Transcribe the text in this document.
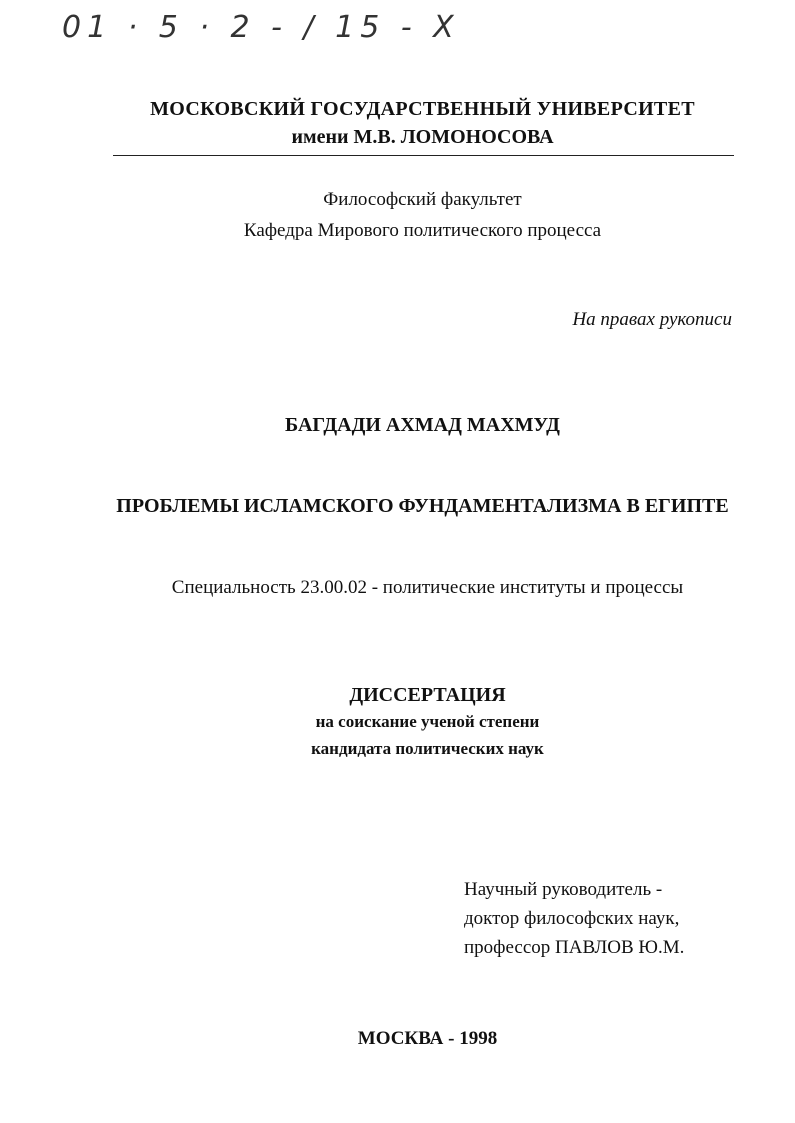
01 · 5 · 2 - / 15 - X
МОСКОВСКИЙ ГОСУДАРСТВЕННЫЙ УНИВЕРСИТЕТ
имени М.В. ЛОМОНОСОВА
Философский факультет
Кафедра Мирового политического процесса
На правах рукописи
БАГДАДИ АХМАД МАХМУД
ПРОБЛЕМЫ ИСЛАМСКОГО ФУНДАМЕНТАЛИЗМА В ЕГИПТЕ
Специальность 23.00.02 - политические институты и процессы
ДИССЕРТАЦИЯ
на соискание ученой степени
кандидата политических наук
Научный руководитель -
доктор философских наук,
профессор ПАВЛОВ Ю.М.
МОСКВА - 1998
